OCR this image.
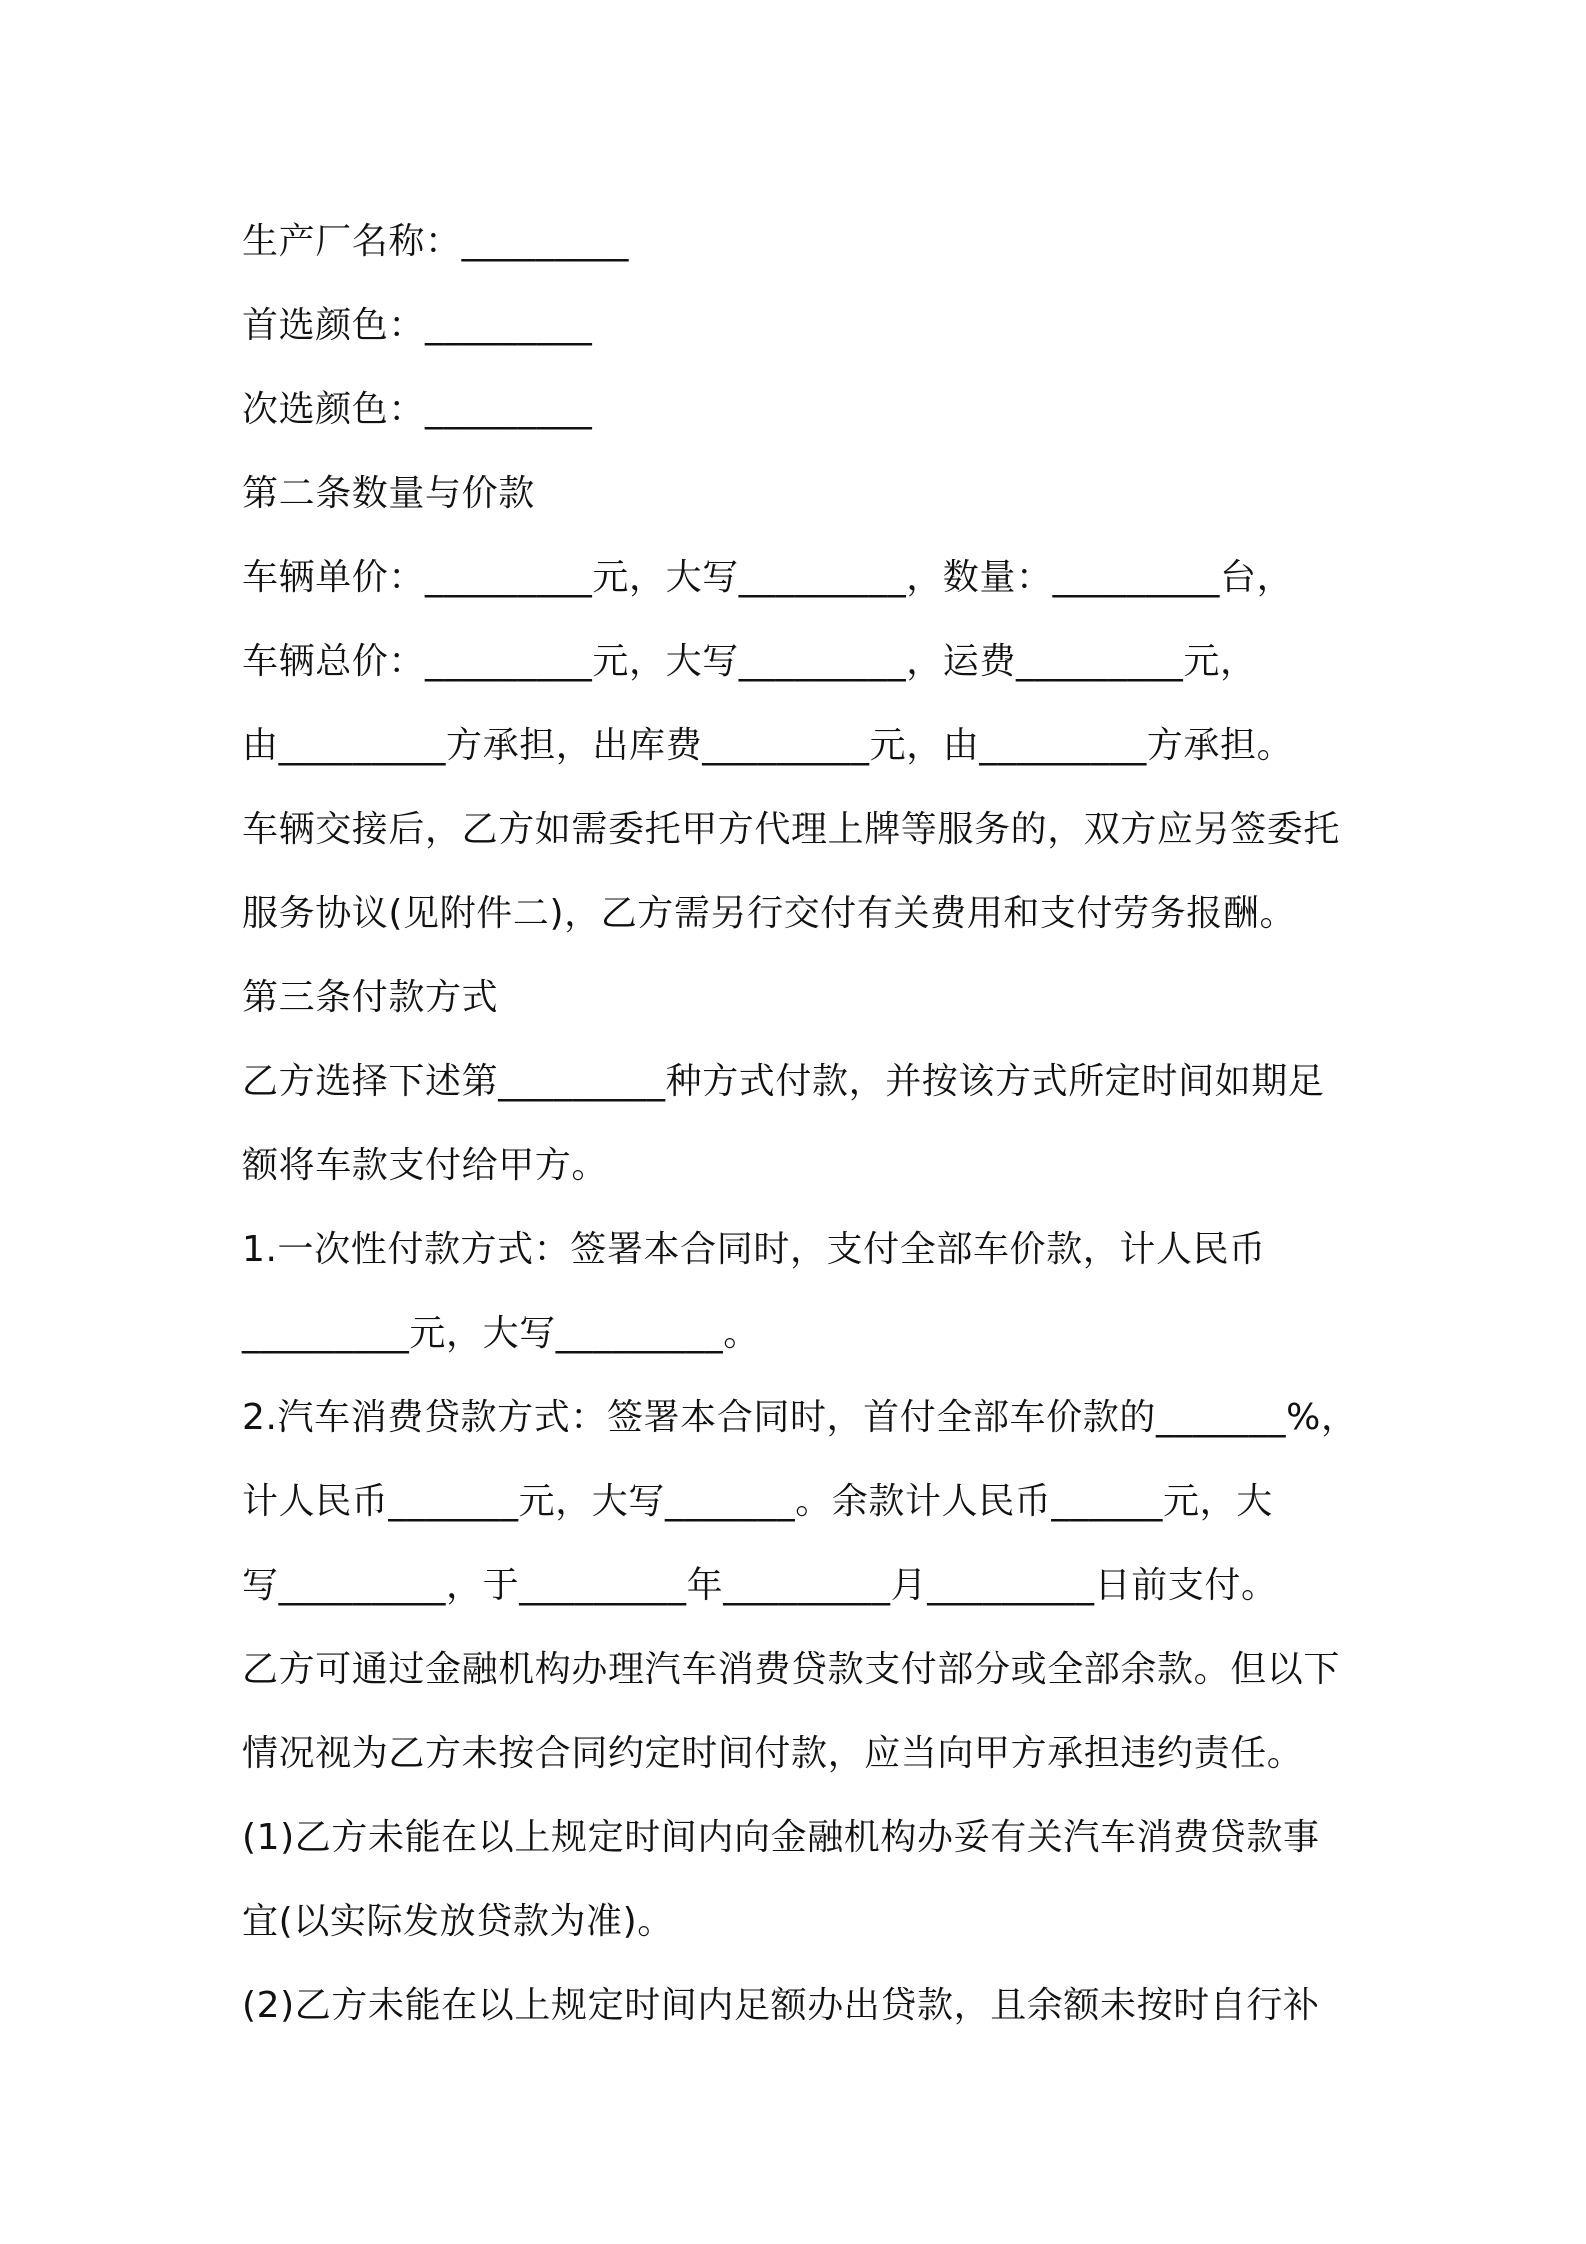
生产厂名称：_________
首选颜色：_________
次选颜色：_________
第二条数量与价款
车辆单价：_________元，大写_________，数量：_________台，
车辆总价：_________元，大写_________，运费_________元，
由_________方承担，出库费_________元，由_________方承担。
车辆交接后，乙方如需委托甲方代理上牌等服务的，双方应另签委托
服务协议(见附件二)，乙方需另行交付有关费用和支付劳务报酬。
第三条付款方式
乙方选择下述第_________种方式付款，并按该方式所定时间如期足
额将车款支付给甲方。
1.一次性付款方式：签署本合同时，支付全部车价款，计人民币
_________元，大写_________。
2.汽车消费贷款方式：签署本合同时，首付全部车价款的_______%，
计人民币_______元，大写_______。余款计人民币______元，大
写_________，于_________年_________月_________日前支付。
乙方可通过金融机构办理汽车消费贷款支付部分或全部余款。但以下
情况视为乙方未按合同约定时间付款，应当向甲方承担违约责任。
(1)乙方未能在以上规定时间内向金融机构办妥有关汽车消费贷款事
宜(以实际发放贷款为准)。
(2)乙方未能在以上规定时间内足额办出贷款，且余额未按时自行补
